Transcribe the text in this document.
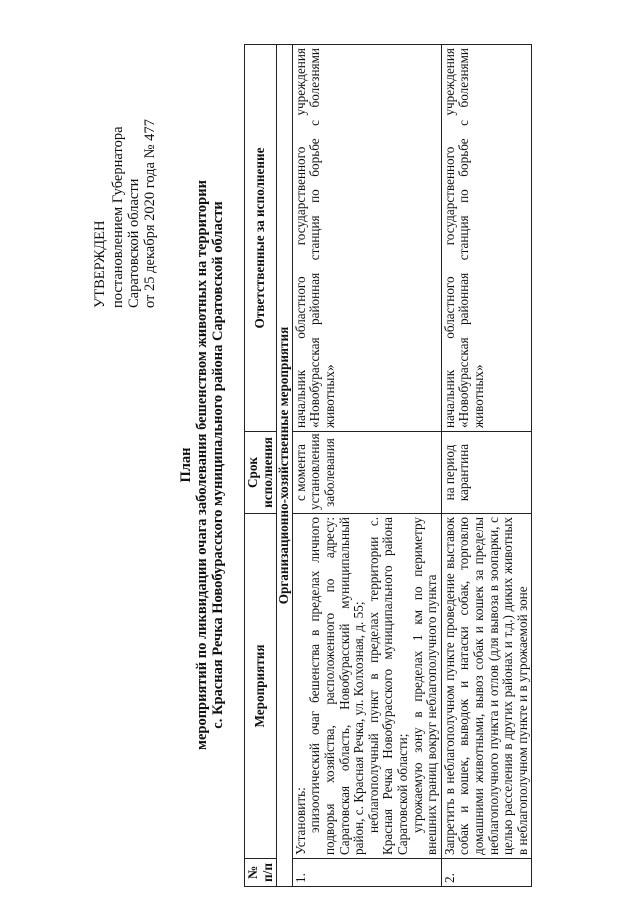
УТВЕРЖДЕН постановлением Губернатора Саратовской области от 25 декабря 2020 года № 477
План мероприятий по ликвидации очага заболевания бешенством животных на территории с. Красная Речка Новобурасского муниципального района Саратовской области
№ п/п	Мероприятия	Срок исполнения	Ответственные за исполнение
Организационно-хозяйственные мероприятия			
1.	Установить: эпизоотический очаг бешенства в пределах личного подворья хозяйства, расположенного по адресу: Саратовская область, Новобурасский муниципальный район, с. Красная Речка, ул. Колхозная, д. 55; неблагополучный пункт в пределах территории с. Красная Речка Новобурасского муниципального района Саратовской области; угрожаемую зону в пределах 1 км по периметру внешних границ вокруг неблагополучного пункта	с момента установления заболевания	начальник областного государственного учреждения «Новобурасская районная станция по борьбе с болезнями животных»
2.	Запретить в неблагополучном пункте проведение выставок собак и кошек, выводок и натаски собак, торговлю домашними животными, вывоз собак и кошек за пределы неблагополучного пункта и отлов (для вывоза в зоопарки, с целью расселения в других районах и т.д.) диких животных в неблагополучном пункте и в угрожаемой зоне	на период карантина	начальник областного государственного учреждения «Новобурасская районная станция по борьбе с болезнями животных»
